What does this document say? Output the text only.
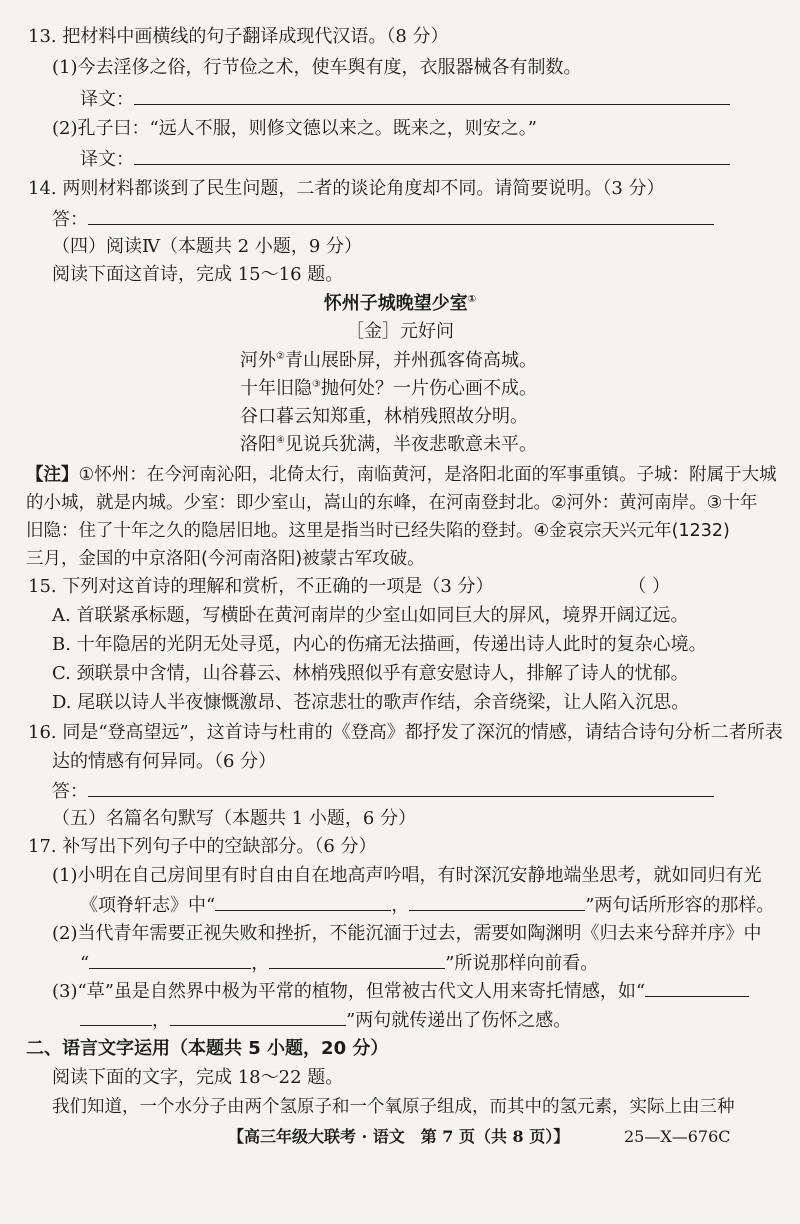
13. 把材料中画横线的句子翻译成现代汉语。（8 分）
(1)今去淫侈之俗，行节俭之术，使车舆有度，衣服器械各有制数。
译文：
(2)孔子曰：“远人不服，则修文德以来之。既来之，则安之。”
译文：
14. 两则材料都谈到了民生问题，二者的谈论角度却不同。请简要说明。（3 分）
答：
（四）阅读Ⅳ（本题共 2 小题，9 分）
阅读下面这首诗，完成 15～16 题。
怀州子城晚望少室①
［金］元好问
河外②青山展卧屏，并州孤客倚高城。
十年旧隐③抛何处？一片伤心画不成。
谷口暮云知郑重，林梢残照故分明。
洛阳④见说兵犹满，半夜悲歌意未平。
【注】①怀州：在今河南沁阳，北倚太行，南临黄河，是洛阳北面的军事重镇。子城：附属于大城
的小城，就是内城。少室：即少室山，嵩山的东峰，在河南登封北。②河外：黄河南岸。③十年
旧隐：住了十年之久的隐居旧地。这里是指当时已经失陷的登封。④金哀宗天兴元年(1232)
三月，金国的中京洛阳(今河南洛阳)被蒙古军攻破。
15. 下列对这首诗的理解和赏析，不正确的一项是（3 分）	（ ）
A. 首联紧承标题，写横卧在黄河南岸的少室山如同巨大的屏风，境界开阔辽远。
B. 十年隐居的光阴无处寻觅，内心的伤痛无法描画，传递出诗人此时的复杂心境。
C. 颈联景中含情，山谷暮云、林梢残照似乎有意安慰诗人，排解了诗人的忧郁。
D. 尾联以诗人半夜慷慨激昂、苍凉悲壮的歌声作结，余音绕梁，让人陷入沉思。
16. 同是“登高望远”，这首诗与杜甫的《登高》都抒发了深沉的情感，请结合诗句分析二者所表
达的情感有何异同。（6 分）
答：
（五）名篇名句默写（本题共 1 小题，6 分）
17. 补写出下列句子中的空缺部分。（6 分）
(1)小明在自己房间里有时自由自在地高声吟唱，有时深沉安静地端坐思考，就如同归有光
《项脊轩志》中“	，	”两句话所形容的那样。
(2)当代青年需要正视失败和挫折，不能沉湎于过去，需要如陶渊明《归去来兮辞并序》中
“	，	”所说那样向前看。
(3)“草”虽是自然界中极为平常的植物，但常被古代文人用来寄托情感，如“
，	”两句就传递出了伤怀之感。
二、语言文字运用（本题共 5 小题，20 分）
阅读下面的文字，完成 18～22 题。
我们知道，一个水分子由两个氢原子和一个氧原子组成，而其中的氢元素，实际上由三种
【高三年级大联考 · 语文　第 7 页（共 8 页）】	25—X—676C
